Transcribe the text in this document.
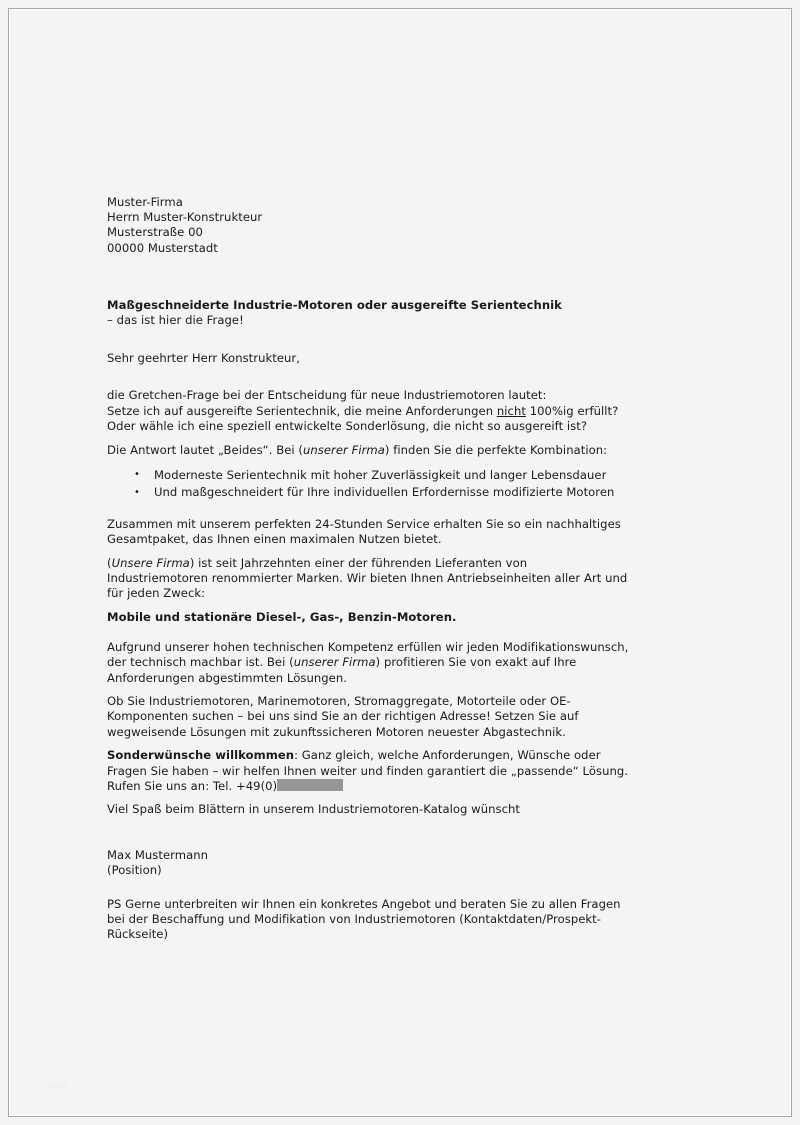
Muster-Firma
Herrn Muster-Konstrukteur
Musterstraße 00
00000 Musterstadt
Maßgeschneiderte Industrie-Motoren oder ausgereifte Serientechnik
– das ist hier die Frage!
Sehr geehrter Herr Konstrukteur,
die Gretchen-Frage bei der Entscheidung für neue Industriemotoren lautet:
Setze ich auf ausgereifte Serientechnik, die meine Anforderungen nicht 100%ig erfüllt?
Oder wähle ich eine speziell entwickelte Sonderlösung, die nicht so ausgereift ist?
Die Antwort lautet „Beides“. Bei (unserer Firma) finden Sie die perfekte Kombination:
• Moderneste Serientechnik mit hoher Zuverlässigkeit und langer Lebensdauer
• Und maßgeschneidert für Ihre individuellen Erfordernisse modifizierte Motoren
Zusammen mit unserem perfekten 24-Stunden Service erhalten Sie so ein nachhaltiges
Gesamtpaket, das Ihnen einen maximalen Nutzen bietet.
(Unsere Firma) ist seit Jahrzehnten einer der führenden Lieferanten von
Industriemotoren renommierter Marken. Wir bieten Ihnen Antriebseinheiten aller Art und
für jeden Zweck:
Mobile und stationäre Diesel-, Gas-, Benzin-Motoren.
Aufgrund unserer hohen technischen Kompetenz erfüllen wir jeden Modifikationswunsch,
der technisch machbar ist. Bei (unserer Firma) profitieren Sie von exakt auf Ihre
Anforderungen abgestimmten Lösungen.
Ob Sie Industriemotoren, Marinemotoren, Stromaggregate, Motorteile oder OE-
Komponenten suchen – bei uns sind Sie an der richtigen Adresse! Setzen Sie auf
wegweisende Lösungen mit zukunftssicheren Motoren neuester Abgastechnik.
Sonderwünsche willkommen: Ganz gleich, welche Anforderungen, Wünsche oder
Fragen Sie haben – wir helfen Ihnen weiter und finden garantiert die „passende“ Lösung.
Rufen Sie uns an: Tel. +49(0)
Viel Spaß beim Blättern in unserem Industriemotoren-Katalog wünscht
Max Mustermann
(Position)
PS Gerne unterbreiten wir Ihnen ein konkretes Angebot und beraten Sie zu allen Fragen
bei der Beschaffung und Modifikation von Industriemotoren (Kontaktdaten/Prospekt-
Rückseite)
blog
